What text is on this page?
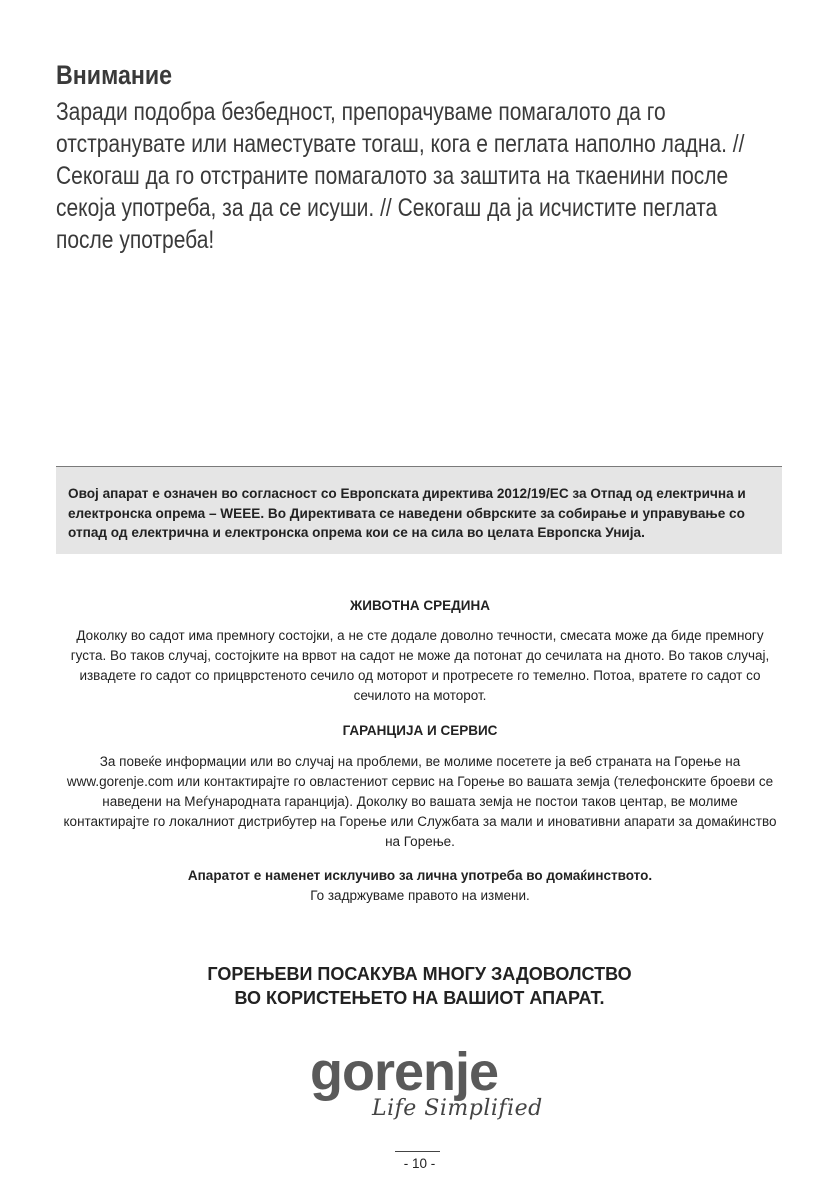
Внимание

Заради подобра безбедност, препорачуваме помагалото да го отстранувате или наместувате тогаш, кога е пеглата наполно ладна. // Секогаш да го отстраните помагалото за заштита на ткаенини после секоја употреба, за да се исуши. // Секогаш да ја исчистите пеглата после употреба!

Овој апарат е означен во согласност со Европската директива 2012/19/ЕС за Отпад од електрична и електронска опрема – WEEE. Во Директивата се наведени обврските за собирање и управување со отпад од електрична и електронска опрема кои се на сила во целата Европска Унија.

ЖИВОТНА СРЕДИНА

Доколку во садот има премногу состојки, а не сте додале доволно течности, смесата може да биде премногу густа. Во таков случај, состојките на врвот на садот не може да потонат до сечилата на дното. Во таков случај, извадете го садот со прицврстеното сечило од моторот и протресете го темелно. Потоа, вратете го садот со сечилото на моторот.

ГАРАНЦИЈА И СЕРВИС

За повеќе информации или во случај на проблеми, ве молиме посетете ја веб страната на Горење на www.gorenje.com или контактирајте го овластениот сервис на Горење во вашата земја (телефонските броеви се наведени на Меѓународната гаранција). Доколку во вашата земја не постои таков центар, ве молиме контактирајте го локалниот дистрибутер на Горење или Службата за мали и иновативни апарати за домаќинство на Горење.

Апаратот е наменет исклучиво за лична употреба во домаќинството.

Го задржуваме правото на измени.

ГОРЕЊЕВИ ПОСАКУВА МНОГУ ЗАДОВОЛСТВО
ВО КОРИСТЕЊЕТО НА ВАШИОТ АПАРАТ.
gorenje
Life Simplified
- 10 -
